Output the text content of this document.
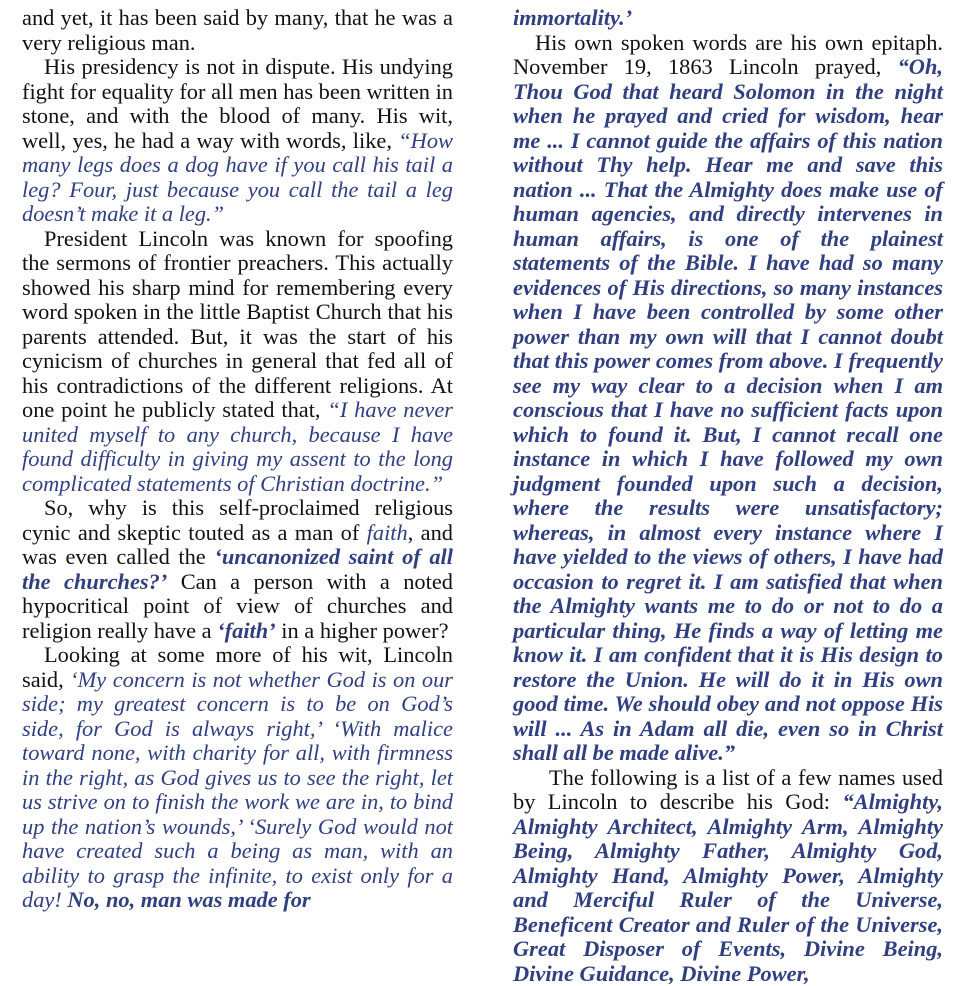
and yet, it has been said by many, that he was a very religious man.

His presidency is not in dispute. His undying fight for equality for all men has been written in stone, and with the blood of many. His wit, well, yes, he had a way with words, like, “How many legs does a dog have if you call his tail a leg? Four, just because you call the tail a leg doesn’t make it a leg.”

President Lincoln was known for spoofing the sermons of frontier preachers. This actually showed his sharp mind for remembering every word spoken in the little Baptist Church that his parents attended. But, it was the start of his cynicism of churches in general that fed all of his contradictions of the different religions. At one point he publicly stated that, “I have never united myself to any church, because I have found difficulty in giving my assent to the long complicated statements of Christian doctrine.”

So, why is this self-proclaimed religious cynic and skeptic touted as a man of faith, and was even called the ‘uncanonized saint of all the churches?’ Can a person with a noted hypocritical point of view of churches and religion really have a ‘faith’ in a higher power?

Looking at some more of his wit, Lincoln said, ‘My concern is not whether God is on our side; my greatest concern is to be on God’s side, for God is always right,’ ‘With malice toward none, with charity for all, with firmness in the right, as God gives us to see the right, let us strive on to finish the work we are in, to bind up the nation’s wounds,’ ‘Surely God would not have created such a being as man, with an ability to grasp the infinite, to exist only for a day! No, no, man was made for

immortality.’

His own spoken words are his own epitaph. November 19, 1863 Lincoln prayed, “Oh, Thou God that heard Solomon in the night when he prayed and cried for wisdom, hear me ... I cannot guide the affairs of this nation without Thy help. Hear me and save this nation ... That the Almighty does make use of human agencies, and directly intervenes in human affairs, is one of the plainest statements of the Bible. I have had so many evidences of His directions, so many instances when I have been controlled by some other power than my own will that I cannot doubt that this power comes from above. I frequently see my way clear to a decision when I am conscious that I have no sufficient facts upon which to found it. But, I cannot recall one instance in which I have followed my own judgment founded upon such a decision, where the results were unsatisfactory; whereas, in almost every instance where I have yielded to the views of others, I have had occasion to regret it. I am satisfied that when the Almighty wants me to do or not to do a particular thing, He finds a way of letting me know it. I am confident that it is His design to restore the Union. He will do it in His own good time. We should obey and not oppose His will ... As in Adam all die, even so in Christ shall all be made alive.”

The following is a list of a few names used by Lincoln to describe his God: “Almighty, Almighty Architect, Almighty Arm, Almighty Being, Almighty Father, Almighty God, Almighty Hand, Almighty Power, Almighty and Merciful Ruler of the Universe, Beneficent Creator and Ruler of the Universe, Great Disposer of Events, Divine Being, Divine Guidance, Divine Power,
